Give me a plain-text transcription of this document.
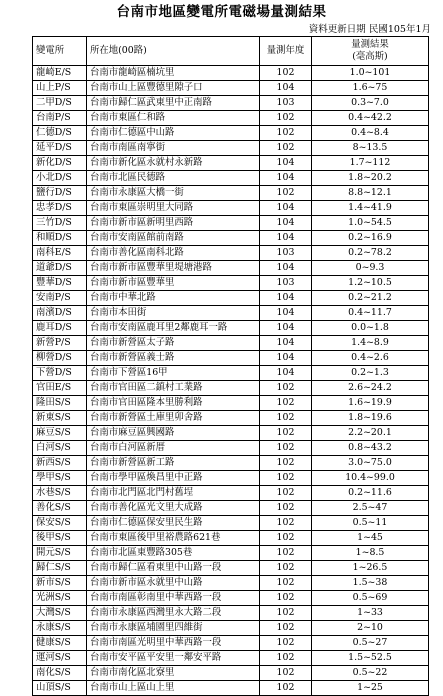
台南市地區變電所電磁場量測結果
資料更新日期 民國105年1月
變電所	所在地(00路)	量測年度	量測結果
(毫高斯)

龍崎E/S	台南市龍崎區楠坑里	102	1.0~101
山上P/S	台南市山上區豐德里隙子口	104	1.6~75
二甲D/S	台南市歸仁區武東里中正南路	103	0.3~7.0
台南P/S	台南市東區仁和路	102	0.4~42.2
仁德D/S	台南市仁德區中山路	102	0.4~8.4
延平D/S	台南市南區南寧街	102	8~13.5
新化D/S	台南市新化區永就村永新路	104	1.7~112
小北D/S	台南市北區民德路	104	1.8~20.2
鹽行D/S	台南市永康區大橋一街	102	8.8~12.1
忠孝D/S	台南市東區崇明里大同路	104	1.4~41.9
三竹D/S	台南市新市區新明里西路	104	1.0~54.5
和順D/S	台南市安南區館前南路	104	0.2~16.9
南科E/S	台南市善化區南科北路	103	0.2~78.2
道爺D/S	台南市新市區豐華里堤塘港路	104	0~9.3
豐華D/S	台南市新市區豐華里	103	1.2~10.5
安南P/S	台南市中華北路	104	0.2~21.2
南濱D/S	台南市本田街	104	0.4~11.7
鹿耳D/S	台南市安南區鹿耳里2鄰鹿耳一路	104	0.0~1.8
新營P/S	台南市新營區太子路	104	1.4~8.9
柳營D/S	台南市新營區義士路	104	0.4~2.6
下營D/S	台南市下營區16甲	104	0.2~1.3
官田E/S	台南市官田區二鎮村工業路	102	2.6~24.2
隆田S/S	台南市官田區隆本里勝利路	102	1.6~19.9
新東S/S	台南市新營區土庫里卯舍路	102	1.8~19.6
麻豆S/S	台南市麻豆區興國路	102	2.2~20.1
白河S/S	台南市白河區新厝	102	0.8~43.2
新西S/S	台南市新營區新工路	102	3.0~75.0
學甲S/S	台南市學甲區煥昌里中正路	102	10.4~99.0
水巷S/S	台南市北門區北門村舊埕	102	0.2~11.6
善化S/S	台南市善化區光文里大成路	102	2.5~47
保安S/S	台南市仁德區保安里民生路	102	0.5~11
後甲S/S	台南市東區後甲里裕農路621巷	102	1~45
開元S/S	台南市北區東豐路305巷	102	1~8.5
歸仁S/S	台南市歸仁區看東里中山路一段	102	1~26.5
新市S/S	台南市新市區永就里中山路	102	1.5~38
光洲S/S	台南市南區彰南里中華西路一段	102	0.5~69
大灣S/S	台南市永康區西灣里永大路二段	102	1~33
永康S/S	台南市永康區埔園里四維街	102	2~10
健康S/S	台南市南區光明里中華西路一段	102	0.5~27
運河S/S	台南市安平區平安里一鄰安平路	102	1.5~52.5
南化S/S	台南市南化區北寮里	102	0.5~22
山頂S/S	台南市山上區山上里	102	1~25
